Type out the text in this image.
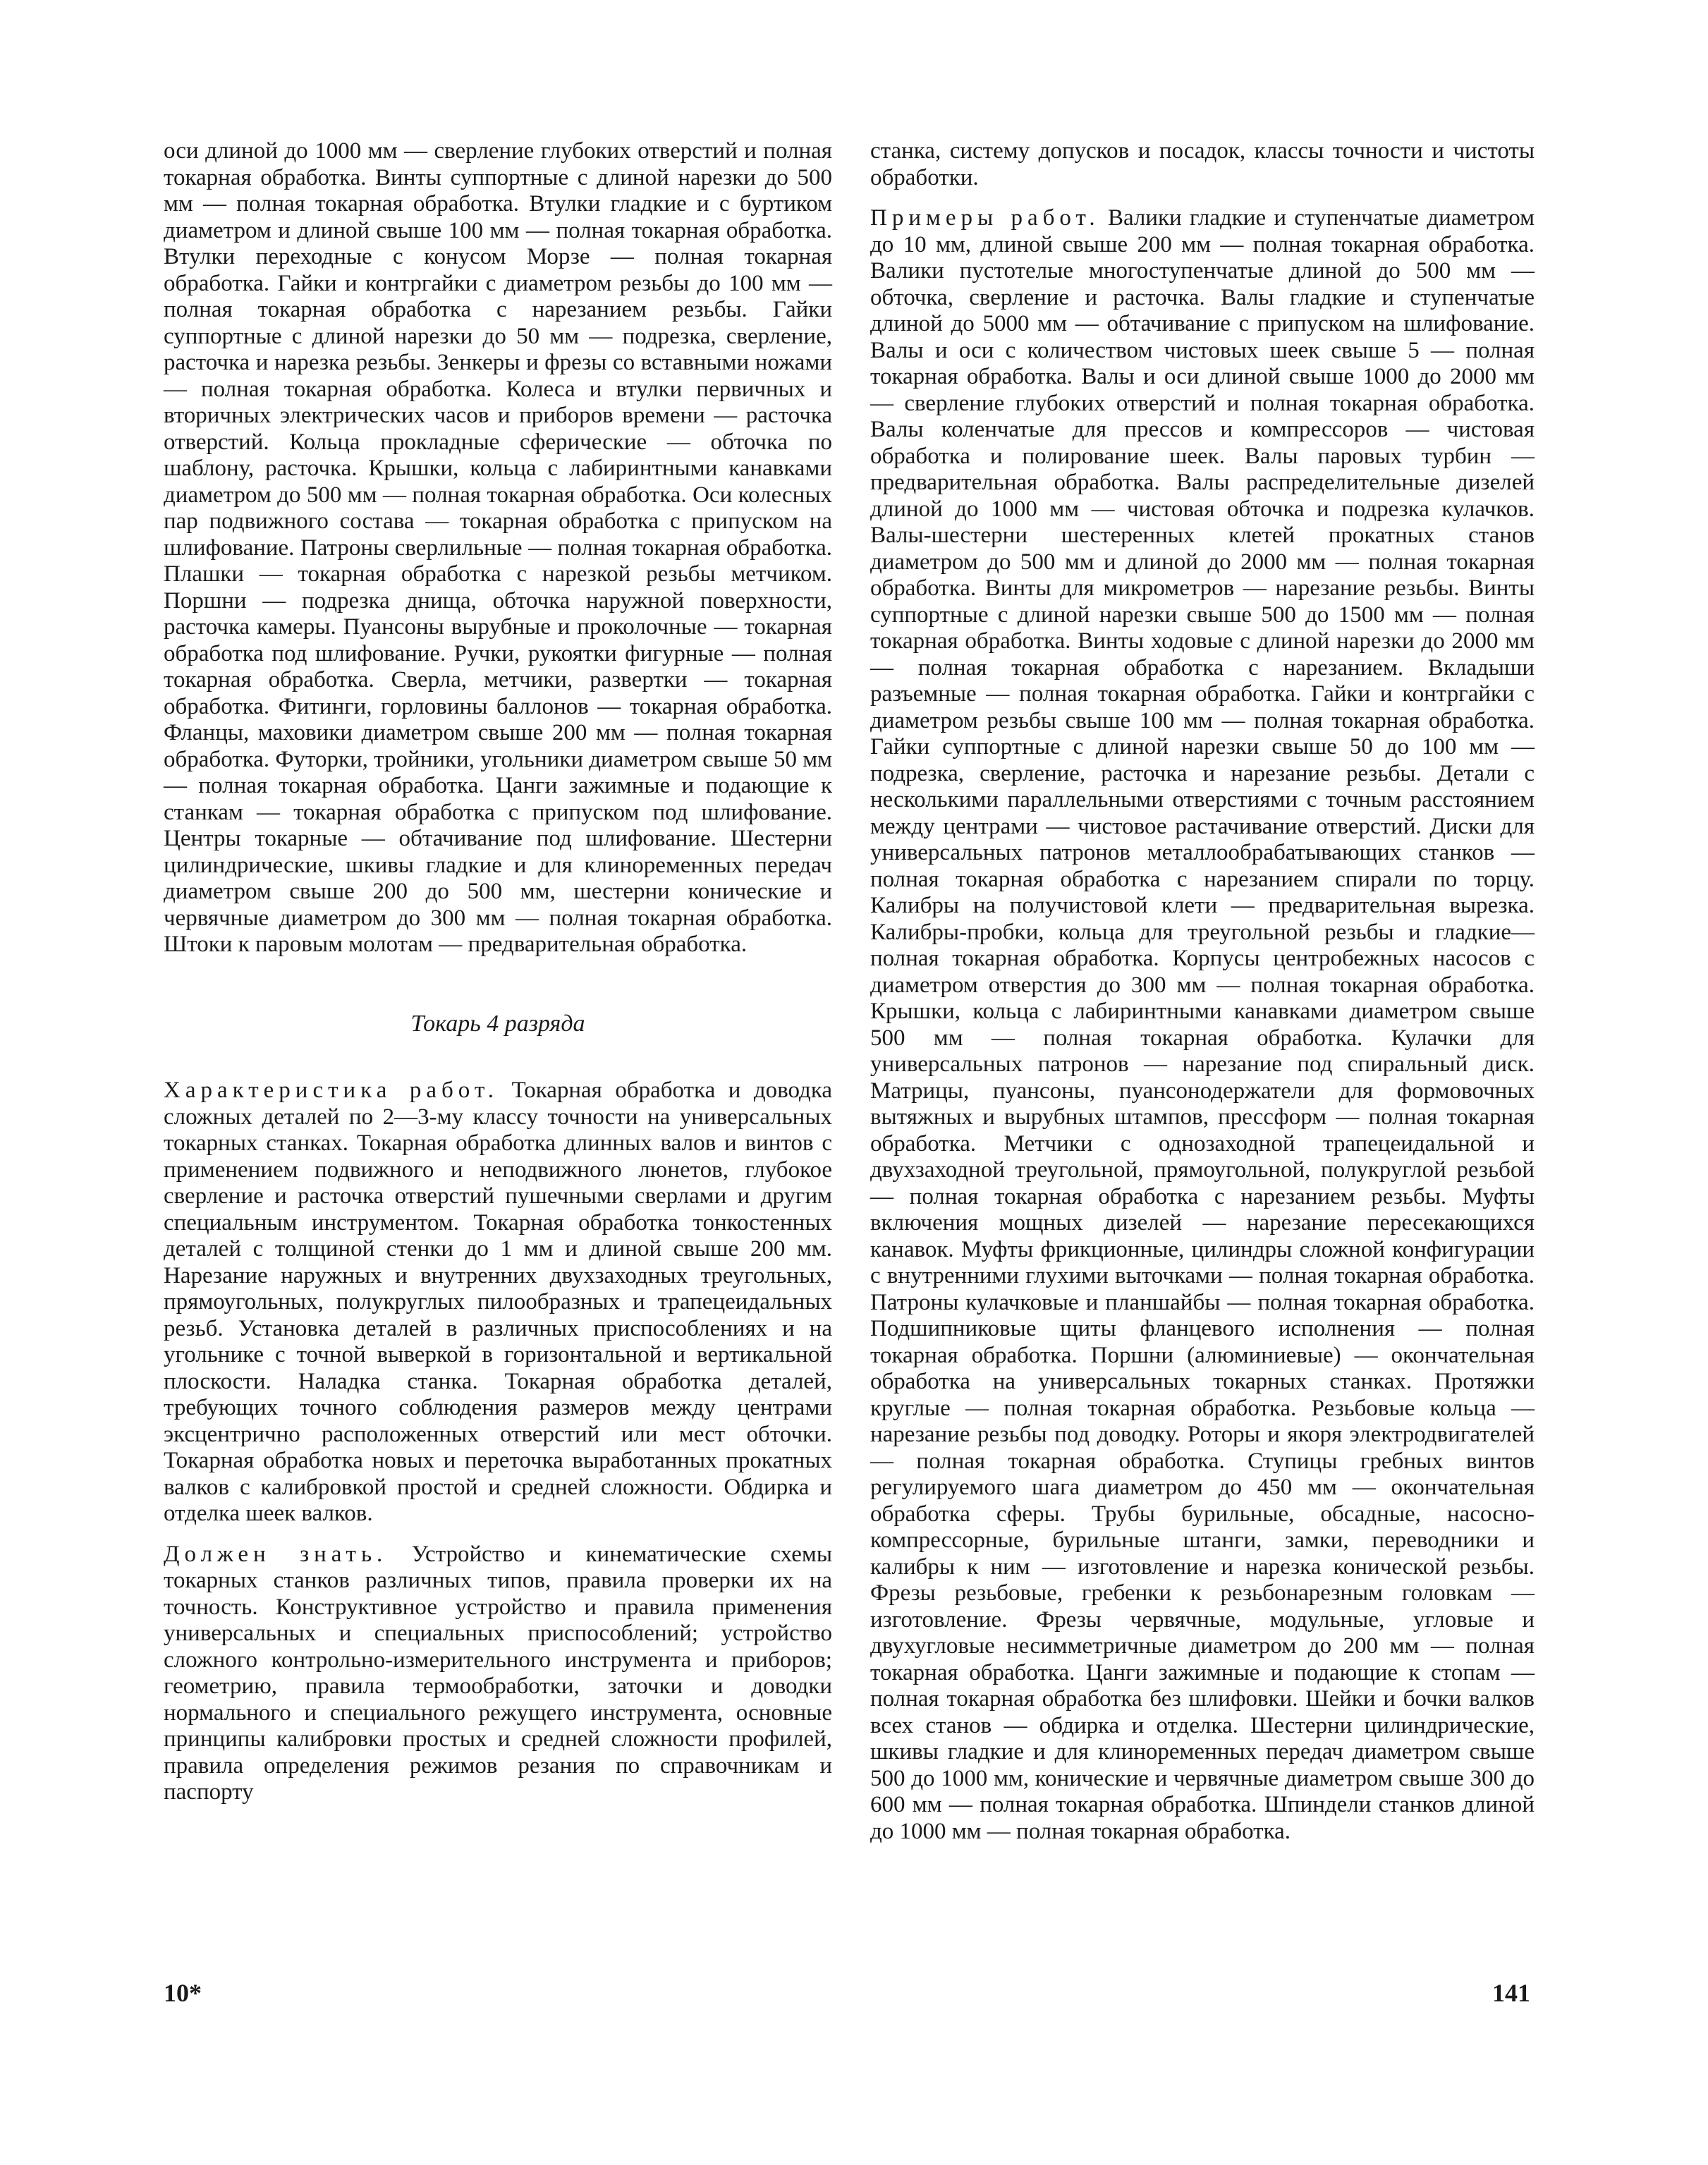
оси длиной до 1000 мм — сверление глубоких отверстий и полная токарная обработка. Винты суппортные с длиной нарезки до 500 мм — полная токарная обработка. Втулки гладкие и с буртиком диаметром и длиной свыше 100 мм — полная токарная обработка. Втулки переходные с конусом Морзе — полная токарная обработка. Гайки и контргайки с диаметром резьбы до 100 мм — полная токарная обработка с нарезанием резьбы. Гайки суппортные с длиной нарезки до 50 мм — подрезка, сверление, расточка и нарезка резьбы. Зенкеры и фрезы со вставными ножами — полная токарная обработка. Колеса и втулки первичных и вторичных электрических часов и приборов времени — расточка отверстий. Кольца прокладные сферические — обточка по шаблону, расточка. Крышки, кольца с лабиринтными канавками диаметром до 500 мм — полная токарная обработка. Оси колесных пар подвижного состава — токарная обработка с припуском на шлифование. Патроны сверлильные — полная токарная обработка. Плашки — токарная обработка с нарезкой резьбы метчиком. Поршни — подрезка днища, обточка наружной поверхности, расточка камеры. Пуансоны вырубные и проколочные — токарная обработка под шлифование. Ручки, рукоятки фигурные — полная токарная обработка. Сверла, метчики, развертки — токарная обработка. Фитинги, горловины баллонов — токарная обработка. Фланцы, маховики диаметром свыше 200 мм — полная токарная обработка. Футорки, тройники, угольники диаметром свыше 50 мм — полная токарная обработка. Цанги зажимные и подающие к станкам — токарная обработка с припуском под шлифование. Центры токарные — обтачивание под шлифование. Шестерни цилиндрические, шкивы гладкие и для клиноременных передач диаметром свыше 200 до 500 мм, шестерни конические и червячные диаметром до 300 мм — полная токарная обработка. Штоки к паровым молотам — предварительная обработка.

Токарь 4 разряда

Характеристика работ. Токарная обработка и доводка сложных деталей по 2—3-му классу точности на универсальных токарных станках. Токарная обработка длинных валов и винтов с применением подвижного и неподвижного люнетов, глубокое сверление и расточка отверстий пушечными сверлами и другим специальным инструментом. Токарная обработка тонкостенных деталей с толщиной стенки до 1 мм и длиной свыше 200 мм. Нарезание наружных и внутренних двухзаходных треугольных, прямоугольных, полукруглых пилообразных и трапецеидальных резьб. Установка деталей в различных приспособлениях и на угольнике с точной выверкой в горизонтальной и вертикальной плоскости. Наладка станка. Токарная обработка деталей, требующих точного соблюдения размеров между центрами эксцентрично расположенных отверстий или мест обточки. Токарная обработка новых и переточка выработанных прокатных валков с калибровкой простой и средней сложности. Обдирка и отделка шеек валков.

Должен знать. Устройство и кинематические схемы токарных станков различных типов, правила проверки их на точность. Конструктивное устройство и правила применения универсальных и специальных приспособлений; устройство сложного контрольно-измерительного инструмента и приборов; геометрию, правила термообработки, заточки и доводки нормального и специального режущего инструмента, основные принципы калибровки простых и средней сложности профилей, правила определения режимов резания по справочникам и паспорту

станка, систему допусков и посадок, классы точности и чистоты обработки.

Примеры работ. Валики гладкие и ступенчатые диаметром до 10 мм, длиной свыше 200 мм — полная токарная обработка. Валики пустотелые многоступенчатые длиной до 500 мм — обточка, сверление и расточка. Валы гладкие и ступенчатые длиной до 5000 мм — обтачивание с припуском на шлифование. Валы и оси с количеством чистовых шеек свыше 5 — полная токарная обработка. Валы и оси длиной свыше 1000 до 2000 мм — сверление глубоких отверстий и полная токарная обработка. Валы коленчатые для прессов и компрессоров — чистовая обработка и полирование шеек. Валы паровых турбин — предварительная обработка. Валы распределительные дизелей длиной до 1000 мм — чистовая обточка и подрезка кулачков. Валы-шестерни шестеренных клетей прокатных станов диаметром до 500 мм и длиной до 2000 мм — полная токарная обработка. Винты для микрометров — нарезание резьбы. Винты суппортные с длиной нарезки свыше 500 до 1500 мм — полная токарная обработка. Винты ходовые с длиной нарезки до 2000 мм — полная токарная обработка с нарезанием. Вкладыши разъемные — полная токарная обработка. Гайки и контргайки с диаметром резьбы свыше 100 мм — полная токарная обработка. Гайки суппортные с длиной нарезки свыше 50 до 100 мм — подрезка, сверление, расточка и нарезание резьбы. Детали с несколькими параллельными отверстиями с точным расстоянием между центрами — чистовое растачивание отверстий. Диски для универсальных патронов металлообрабатывающих станков — полная токарная обработка с нарезанием спирали по торцу. Калибры на получистовой клети — предварительная вырезка. Калибры-пробки, кольца для треугольной резьбы и гладкие—полная токарная обработка. Корпусы центробежных насосов с диаметром отверстия до 300 мм — полная токарная обработка. Крышки, кольца с лабиринтными канавками диаметром свыше 500 мм — полная токарная обработка. Кулачки для универсальных патронов — нарезание под спиральный диск. Матрицы, пуансоны, пуансонодержатели для формовочных вытяжных и вырубных штампов, прессформ — полная токарная обработка. Метчики с однозаходной трапецеидальной и двухзаходной треугольной, прямоугольной, полукруглой резьбой — полная токарная обработка с нарезанием резьбы. Муфты включения мощных дизелей — нарезание пересекающихся канавок. Муфты фрикционные, цилиндры сложной конфигурации с внутренними глухими выточками — полная токарная обработка. Патроны кулачковые и планшайбы — полная токарная обработка. Подшипниковые щиты фланцевого исполнения — полная токарная обработка. Поршни (алюминиевые) — окончательная обработка на универсальных токарных станках. Протяжки круглые — полная токарная обработка. Резьбовые кольца — нарезание резьбы под доводку. Роторы и якоря электродвигателей — полная токарная обработка. Ступицы гребных винтов регулируемого шага диаметром до 450 мм — окончательная обработка сферы. Трубы бурильные, обсадные, насосно-компрессорные, бурильные штанги, замки, переводники и калибры к ним — изготовление и нарезка конической резьбы. Фрезы резьбовые, гребенки к резьбонарезным головкам — изготовление. Фрезы червячные, модульные, угловые и двухугловые несимметричные диаметром до 200 мм — полная токарная обработка. Цанги зажимные и подающие к стопам — полная токарная обработка без шлифовки. Шейки и бочки валков всех станов — обдирка и отделка. Шестерни цилиндрические, шкивы гладкие и для клиноременных передач диаметром свыше 500 до 1000 мм, конические и червячные диаметром свыше 300 до 600 мм — полная токарная обработка. Шпиндели станков длиной до 1000 мм — полная токарная обработка.

10*	141
